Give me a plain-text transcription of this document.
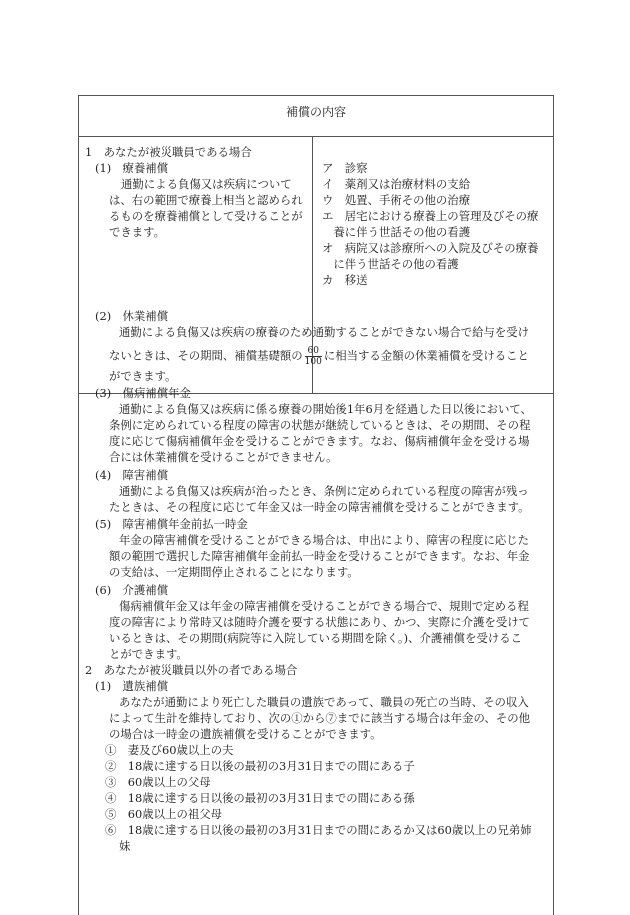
補償の内容
1　あなたが被災職員である場合
(1)　療養補償
通勤による負傷又は疾病について
は、右の範囲で療養上相当と認められ
るものを療養補償として受けることが
できます。
ア　診察
イ　薬剤又は治療材料の支給
ウ　処置、手術その他の治療
エ　居宅における療養上の管理及びその療
　養に伴う世話その他の看護
オ　病院又は診療所への入院及びその療養
　に伴う世話その他の看護
カ　移送
(2)　休業補償
通勤による負傷又は疾病の療養のため通勤することができない場合で給与を受け
ないときは、その期間、補償基礎額の $\frac{60}{100}$ に相当する金額の休業補償を受けること
ができます。
(3)　傷病補償年金
通勤による負傷又は疾病に係る療養の開始後1年6月を経過した日以後において、
条例に定められている程度の障害の状態が継続しているときは、その期間、その程
度に応じて傷病補償年金を受けることができます。なお、傷病補償年金を受ける場
合には休業補償を受けることができません。
(4)　障害補償
通勤による負傷又は疾病が治ったとき、条例に定められている程度の障害が残っ
たときは、その程度に応じて年金又は一時金の障害補償を受けることができます。
(5)　障害補償年金前払一時金
年金の障害補償を受けることができる場合は、申出により、障害の程度に応じた
額の範囲で選択した障害補償年金前払一時金を受けることができます。なお、年金
の支給は、一定期間停止されることになります。
(6)　介護補償
傷病補償年金又は年金の障害補償を受けることができる場合で、規則で定める程
度の障害により常時又は随時介護を要する状態にあり、かつ、実際に介護を受けて
いるときは、その期間(病院等に入院している期間を除く。)、介護補償を受けるこ
とができます。
2　あなたが被災職員以外の者である場合
(1)　遺族補償
あなたが通勤により死亡した職員の遺族であって、職員の死亡の当時、その収入
によって生計を維持しており、次の①から⑦までに該当する場合は年金の、その他
の場合は一時金の遺族補償を受けることができます。
①　妻及び60歳以上の夫
②　18歳に達する日以後の最初の3月31日までの間にある子
③　60歳以上の父母
④　18歳に達する日以後の最初の3月31日までの間にある孫
⑤　60歳以上の祖父母
⑥　18歳に達する日以後の最初の3月31日までの間にあるか又は60歳以上の兄弟姉
妹
